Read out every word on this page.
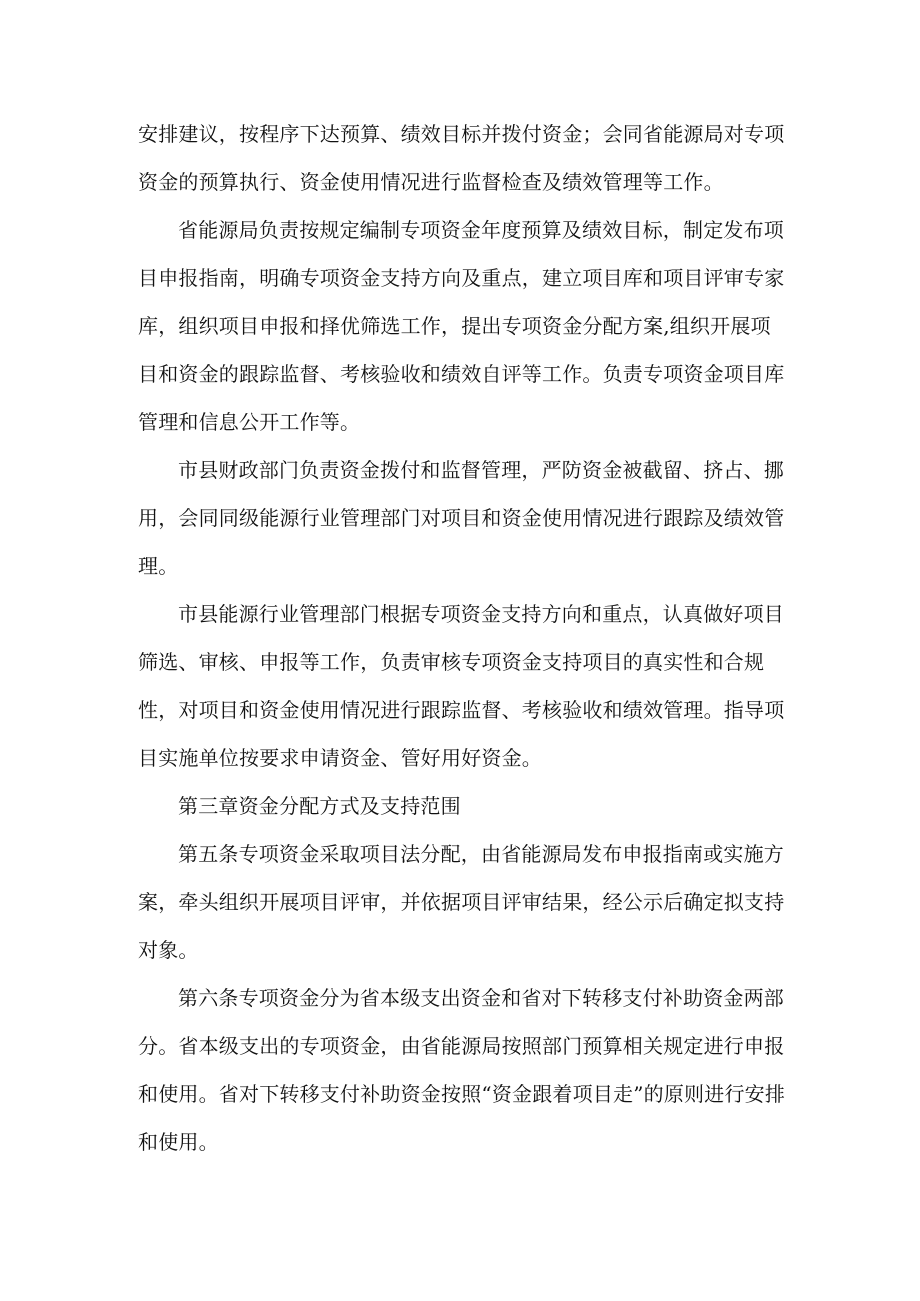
安排建议，按程序下达预算、绩效目标并拨付资金；会同省能源局对专项资金的预算执行、资金使用情况进行监督检查及绩效管理等工作。

省能源局负责按规定编制专项资金年度预算及绩效目标，制定发布项目申报指南，明确专项资金支持方向及重点，建立项目库和项目评审专家库，组织项目申报和择优筛选工作，提出专项资金分配方案,组织开展项目和资金的跟踪监督、考核验收和绩效自评等工作。负责专项资金项目库管理和信息公开工作等。

市县财政部门负责资金拨付和监督管理，严防资金被截留、挤占、挪用，会同同级能源行业管理部门对项目和资金使用情况进行跟踪及绩效管理。

市县能源行业管理部门根据专项资金支持方向和重点，认真做好项目筛选、审核、申报等工作，负责审核专项资金支持项目的真实性和合规性，对项目和资金使用情况进行跟踪监督、考核验收和绩效管理。指导项目实施单位按要求申请资金、管好用好资金。

第三章资金分配方式及支持范围

第五条专项资金采取项目法分配，由省能源局发布申报指南或实施方案，牵头组织开展项目评审，并依据项目评审结果，经公示后确定拟支持对象。

第六条专项资金分为省本级支出资金和省对下转移支付补助资金两部分。省本级支出的专项资金，由省能源局按照部门预算相关规定进行申报和使用。省对下转移支付补助资金按照“资金跟着项目走”的原则进行安排和使用。
